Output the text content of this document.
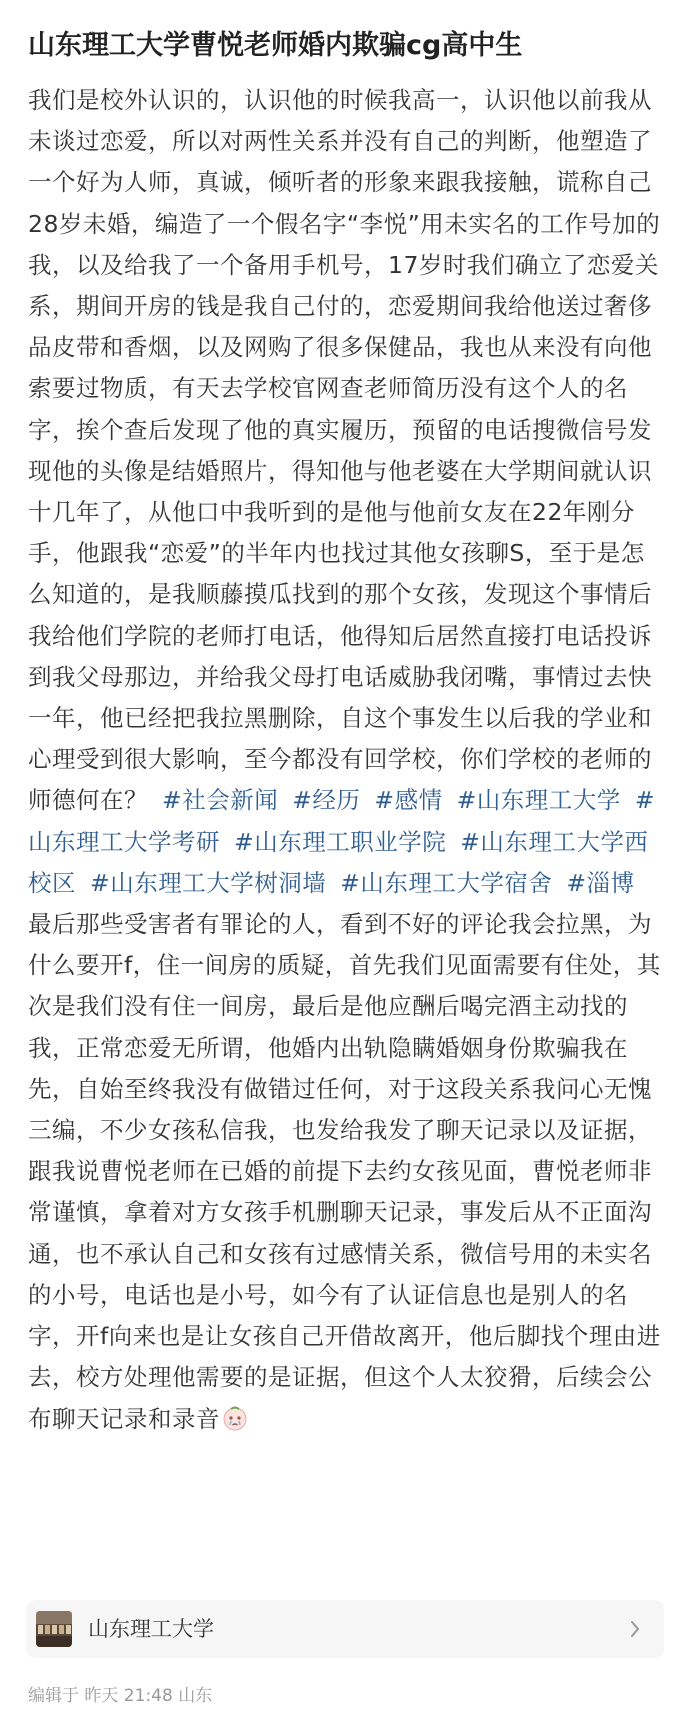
山东理工大学曹悦老师婚内欺骗cg高中生
我们是校外认识的，认识他的时候我高一，认识他以前我从未谈过恋爱，所以对两性关系并没有自己的判断，他塑造了一个好为人师，真诚，倾听者的形象来跟我接触，谎称自己28岁未婚，编造了一个假名字“李悦”用未实名的工作号加的我，以及给我了一个备用手机号，17岁时我们确立了恋爱关系，期间开房的钱是我自己付的，恋爱期间我给他送过奢侈品皮带和香烟，以及网购了很多保健品，我也从来没有向他索要过物质，有天去学校官网查老师简历没有这个人的名字，挨个查后发现了他的真实履历，预留的电话搜微信号发现他的头像是结婚照片，得知他与他老婆在大学期间就认识十几年了，从他口中我听到的是他与他前女友在22年刚分手，他跟我“恋爱”的半年内也找过其他女孩聊S，至于是怎么知道的，是我顺藤摸瓜找到的那个女孩，发现这个事情后我给他们学院的老师打电话，他得知后居然直接打电话投诉到我父母那边，并给我父母打电话威胁我闭嘴，事情过去快一年，他已经把我拉黑删除，自这个事发生以后我的学业和心理受到很大影响，至今都没有回学校，你们学校的老师的师德何在？ #社会新闻 #经历 #感情 #山东理工大学 #山东理工大学考研 #山东理工职业学院 #山东理工大学西校区 #山东理工大学树洞墙 #山东理工大学宿舍 #淄博
最后那些受害者有罪论的人，看到不好的评论我会拉黑，为什么要开f，住一间房的质疑，首先我们见面需要有住处，其次是我们没有住一间房，最后是他应酬后喝完酒主动找的我，正常恋爱无所谓，他婚内出轨隐瞒婚姻身份欺骗我在先，自始至终我没有做错过任何，对于这段关系我问心无愧
三编，不少女孩私信我，也发给我发了聊天记录以及证据，跟我说曹悦老师在已婚的前提下去约女孩见面，曹悦老师非常谨慎，拿着对方女孩手机删聊天记录，事发后从不正面沟通，也不承认自己和女孩有过感情关系，微信号用的未实名的小号，电话也是小号，如今有了认证信息也是别人的名字，开f向来也是让女孩自己开借故离开，他后脚找个理由进去，校方处理他需要的是证据，但这个人太狡猾，后续会公布聊天记录和录音
山东理工大学
编辑于 昨天 21:48 山东
